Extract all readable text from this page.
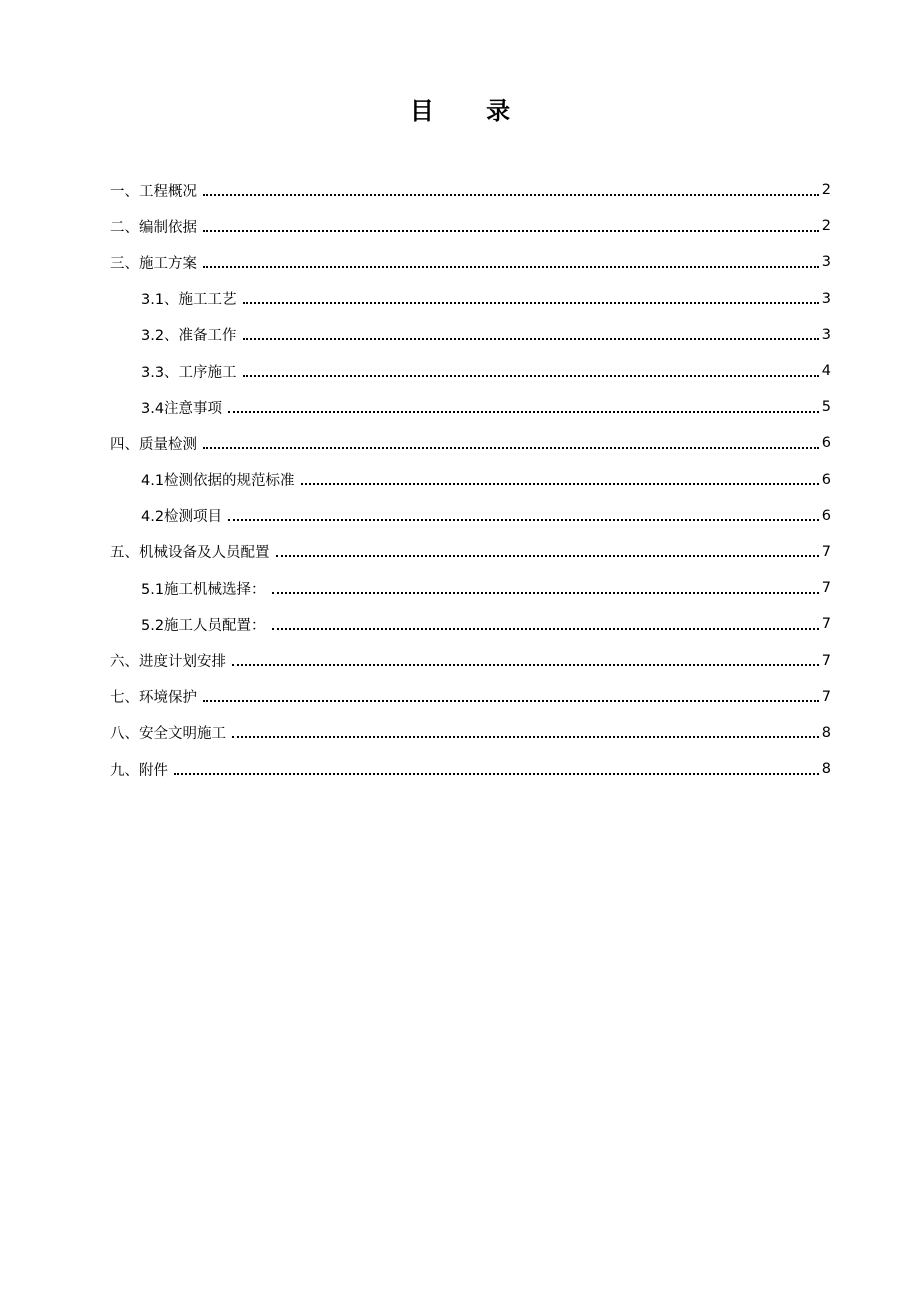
目 录
一、工程概况	2
二、编制依据	2
三、施工方案	3
3.1、施工工艺	3
3.2、准备工作	3
3.3、工序施工	4
3.4注意事项	5
四、质量检测	6
4.1检测依据的规范标准	6
4.2检测项目	6
五、机械设备及人员配置	7
5.1施工机械选择：	7
5.2施工人员配置：	7
六、进度计划安排	7
七、环境保护	7
八、安全文明施工	8
九、附件	8
